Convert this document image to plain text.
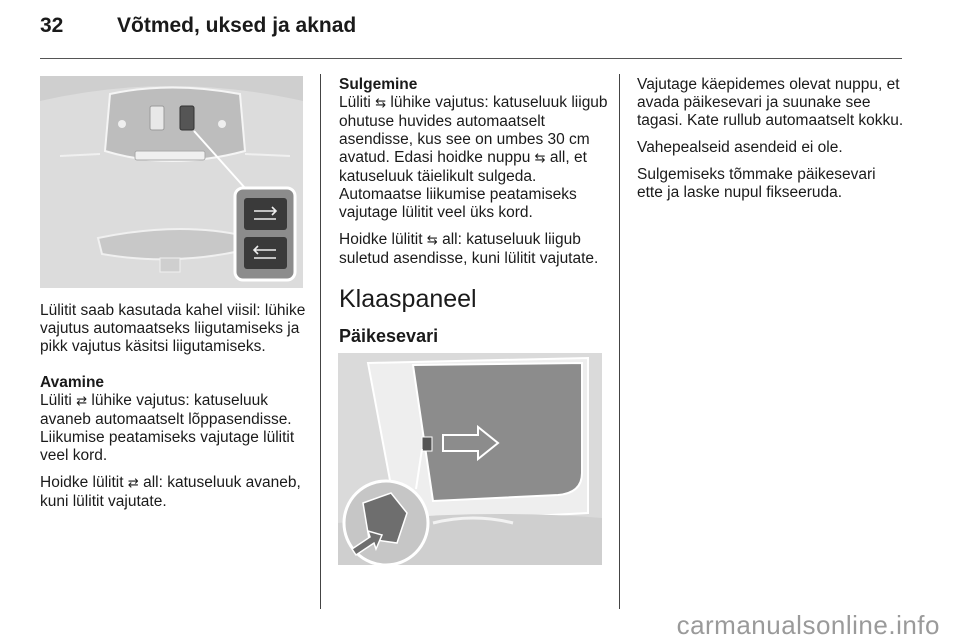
32	Võtmed, uksed ja aknad

Lülitit saab kasutada kahel viisil: lühike vajutus automaatseks liigutamiseks ja pikk vajutus käsitsi liigutamiseks.

Avamine

Lüliti ⇄ lühike vajutus: katuseluuk avaneb automaatselt lõppasendisse. Liikumise peatamiseks vajutage lülitit veel kord.

Hoidke lülitit ⇄ all: katuseluuk avaneb, kuni lülitit vajutate.

Sulgemine

Lüliti ⇆ lühike vajutus: katuseluuk liigub ohutuse huvides automaatselt asendisse, kus see on umbes 30 cm avatud. Edasi hoidke nuppu ⇆ all, et katuseluuk täielikult sulgeda. Automaatse liikumise peatamiseks vajutage lülitit veel üks kord.

Hoidke lülitit ⇆ all: katuseluuk liigub suletud asendisse, kuni lülitit vajutate.

Klaaspaneel

Päikesevari

Vajutage käepidemes olevat nuppu, et avada päikesevari ja suunake see tagasi. Kate rullub automaatselt kokku.

Vahepealseid asendeid ei ole.

Sulgemiseks tõmmake päikesevari ette ja laske nupul fikseeruda.

carmanualsonline.info
